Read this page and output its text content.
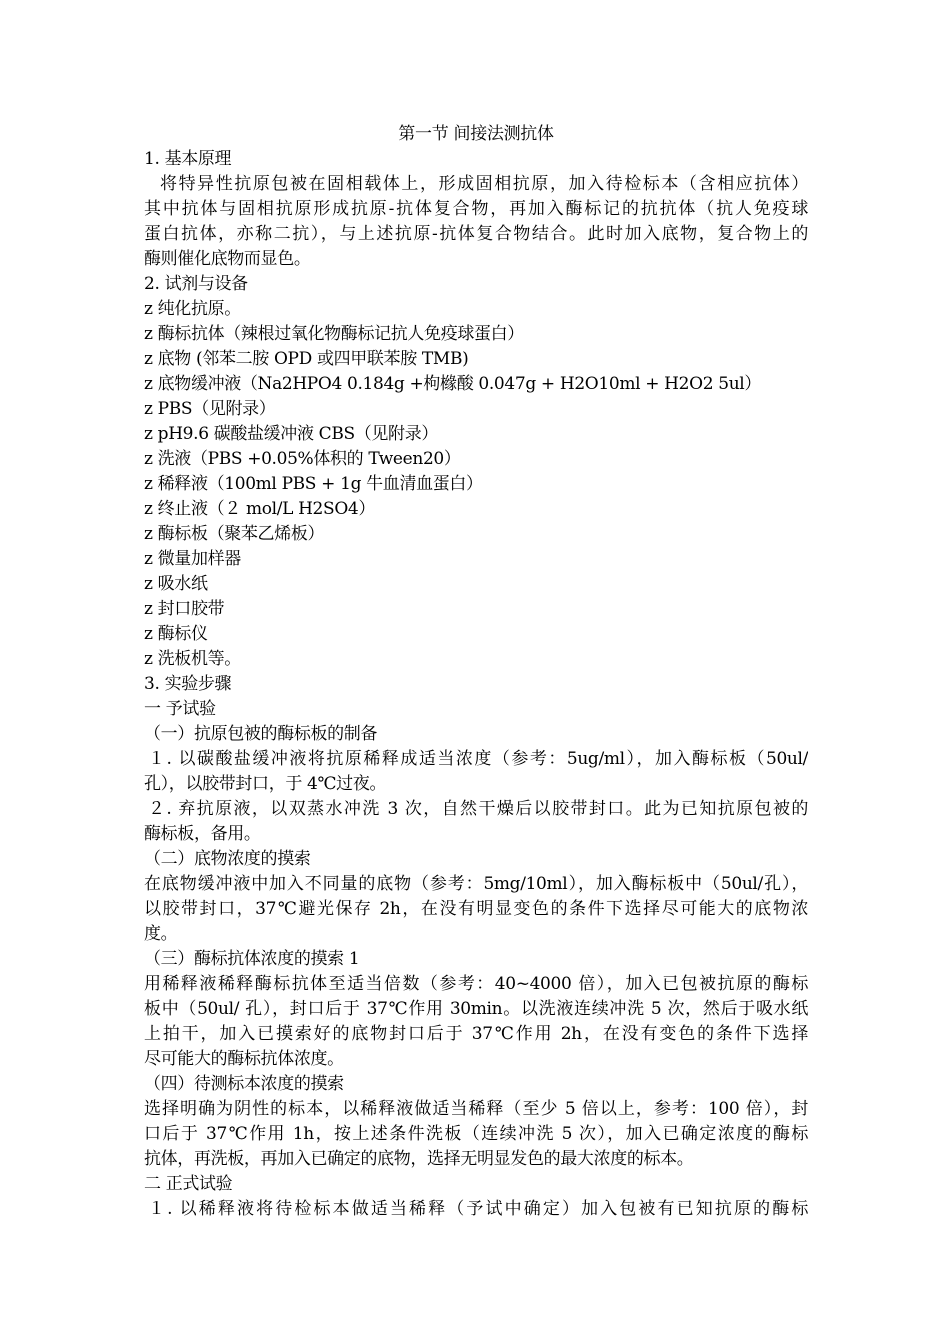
第一节 间接法测抗体
1. 基本原理
将特异性抗原包被在固相载体上，形成固相抗原，加入待检标本（含相应抗体）
其中抗体与固相抗原形成抗原-抗体复合物，再加入酶标记的抗抗体（抗人免疫球
蛋白抗体，亦称二抗），与上述抗原-抗体复合物结合。此时加入底物，复合物上的
酶则催化底物而显色。
2. 试剂与设备
z 纯化抗原。
z 酶标抗体（辣根过氧化物酶标记抗人免疫球蛋白）
z 底物 (邻苯二胺 OPD 或四甲联苯胺 TMB)
z 底物缓冲液（Na2HPO4 0.184g +枸橼酸 0.047g + H2O10ml + H2O2 5ul）
z PBS（见附录）
z pH9.6 碳酸盐缓冲液 CBS（见附录）
z 洗液（PBS +0.05%体积的 Tween20）
z 稀释液（100ml PBS + 1g 牛血清血蛋白）
z 终止液（２ mol/L H2SO4）
z 酶标板（聚苯乙烯板）
z 微量加样器
z 吸水纸
z 封口胶带
z 酶标仪
z 洗板机等。
3. 实验步骤
一 予试验
（一）抗原包被的酶标板的制备
１. 以碳酸盐缓冲液将抗原稀释成适当浓度（参考：5ug/ml），加入酶标板（50ul/
孔），以胶带封口，于 4℃过夜。
２. 弃抗原液，以双蒸水冲洗 3 次，自然干燥后以胶带封口。此为已知抗原包被的
酶标板，备用。
（二）底物浓度的摸索
在底物缓冲液中加入不同量的底物（参考：5mg/10ml），加入酶标板中（50ul/孔），
以胶带封口，37℃避光保存 2h，在没有明显变色的条件下选择尽可能大的底物浓
度。
（三）酶标抗体浓度的摸索 1
用稀释液稀释酶标抗体至适当倍数（参考：40~4000 倍），加入已包被抗原的酶标
板中（50ul/ 孔），封口后于 37℃作用 30min。以洗液连续冲洗 5 次，然后于吸水纸
上拍干，加入已摸索好的底物封口后于 37℃作用 2h，在没有变色的条件下选择
尽可能大的酶标抗体浓度。
（四）待测标本浓度的摸索
选择明确为阴性的标本，以稀释液做适当稀释（至少 5 倍以上，参考：100 倍），封
口后于 37℃作用 1h，按上述条件洗板（连续冲洗 5 次），加入已确定浓度的酶标
抗体，再洗板，再加入已确定的底物，选择无明显发色的最大浓度的标本。
二 正式试验
１. 以稀释液将待检标本做适当稀释（予试中确定）加入包被有已知抗原的酶标
